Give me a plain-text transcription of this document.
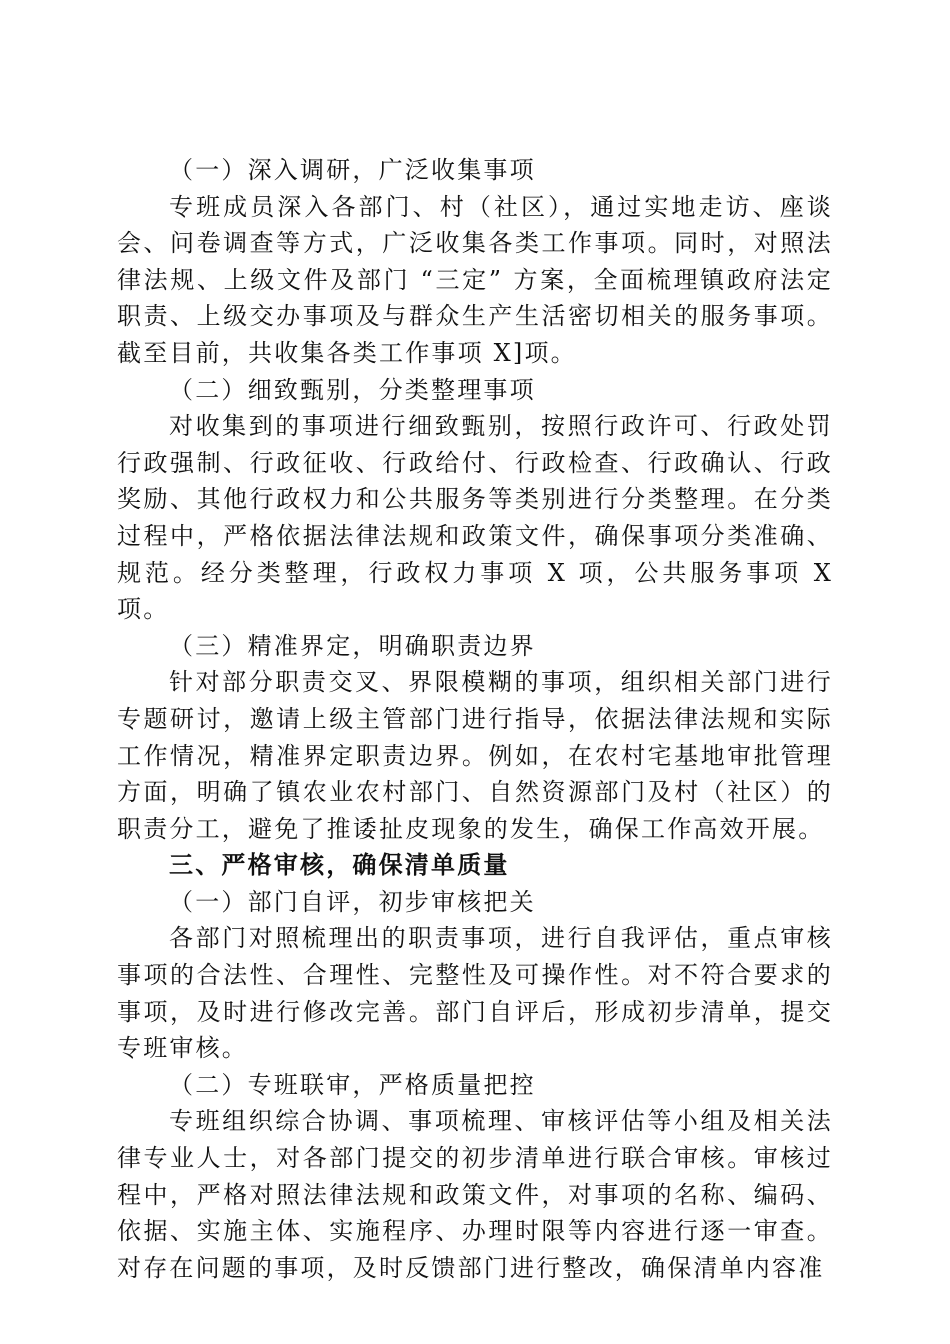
（一）深入调研，广泛收集事项

专班成员深入各部门、村（社区），通过实地走访、座谈会、问卷调查等方式，广泛收集各类工作事项。同时，对照法律法规、上级文件及部门 “三定” 方案，全面梳理镇政府法定职责、上级交办事项及与群众生产生活密切相关的服务事项。截至目前，共收集各类工作事项 X]项。

（二）细致甄别，分类整理事项

对收集到的事项进行细致甄别，按照行政许可、行政处罚行政强制、行政征收、行政给付、行政检查、行政确认、行政奖励、其他行政权力和公共服务等类别进行分类整理。在分类过程中，严格依据法律法规和政策文件，确保事项分类准确、规范。经分类整理，行政权力事项 X 项，公共服务事项 X 项。

（三）精准界定，明确职责边界

针对部分职责交叉、界限模糊的事项，组织相关部门进行专题研讨，邀请上级主管部门进行指导，依据法律法规和实际工作情况，精准界定职责边界。例如，在农村宅基地审批管理方面，明确了镇农业农村部门、自然资源部门及村（社区）的职责分工，避免了推诿扯皮现象的发生，确保工作高效开展。

三、严格审核，确保清单质量

（一）部门自评，初步审核把关

各部门对照梳理出的职责事项，进行自我评估，重点审核事项的合法性、合理性、完整性及可操作性。对不符合要求的事项，及时进行修改完善。部门自评后，形成初步清单，提交专班审核。

（二）专班联审，严格质量把控

专班组织综合协调、事项梳理、审核评估等小组及相关法律专业人士，对各部门提交的初步清单进行联合审核。审核过程中，严格对照法律法规和政策文件，对事项的名称、编码、依据、实施主体、实施程序、办理时限等内容进行逐一审查。对存在问题的事项，及时反馈部门进行整改，确保清单内容准
